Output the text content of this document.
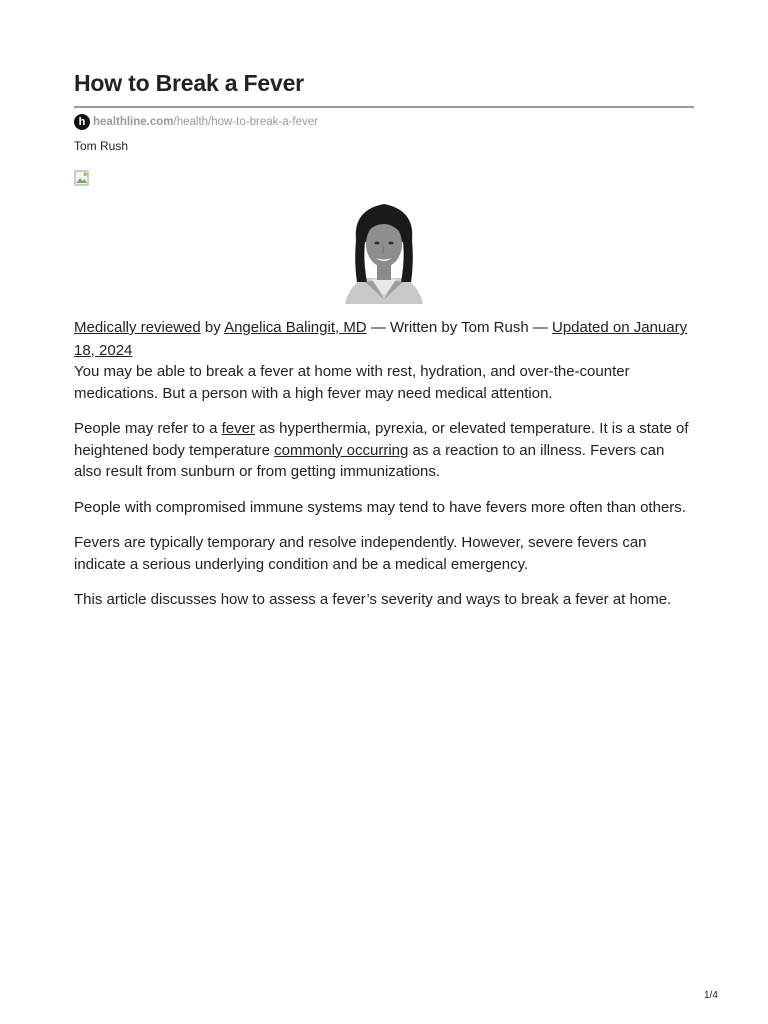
How to Break a Fever
h healthline.com /health/how-to-break-a-fever
Tom Rush
Medically reviewed by Angelica Balingit, MD — Written by Tom Rush — Updated on January 18, 2024

You may be able to break a fever at home with rest, hydration, and over-the-counter medications. But a person with a high fever may need medical attention.

People may refer to a fever as hyperthermia, pyrexia, or elevated temperature. It is a state of heightened body temperature commonly occurring as a reaction to an illness. Fevers can also result from sunburn or from getting immunizations.

People with compromised immune systems may tend to have fevers more often than others.

Fevers are typically temporary and resolve independently. However, severe fevers can indicate a serious underlying condition and be a medical emergency.

This article discusses how to assess a fever’s severity and ways to break a fever at home.

1/4
